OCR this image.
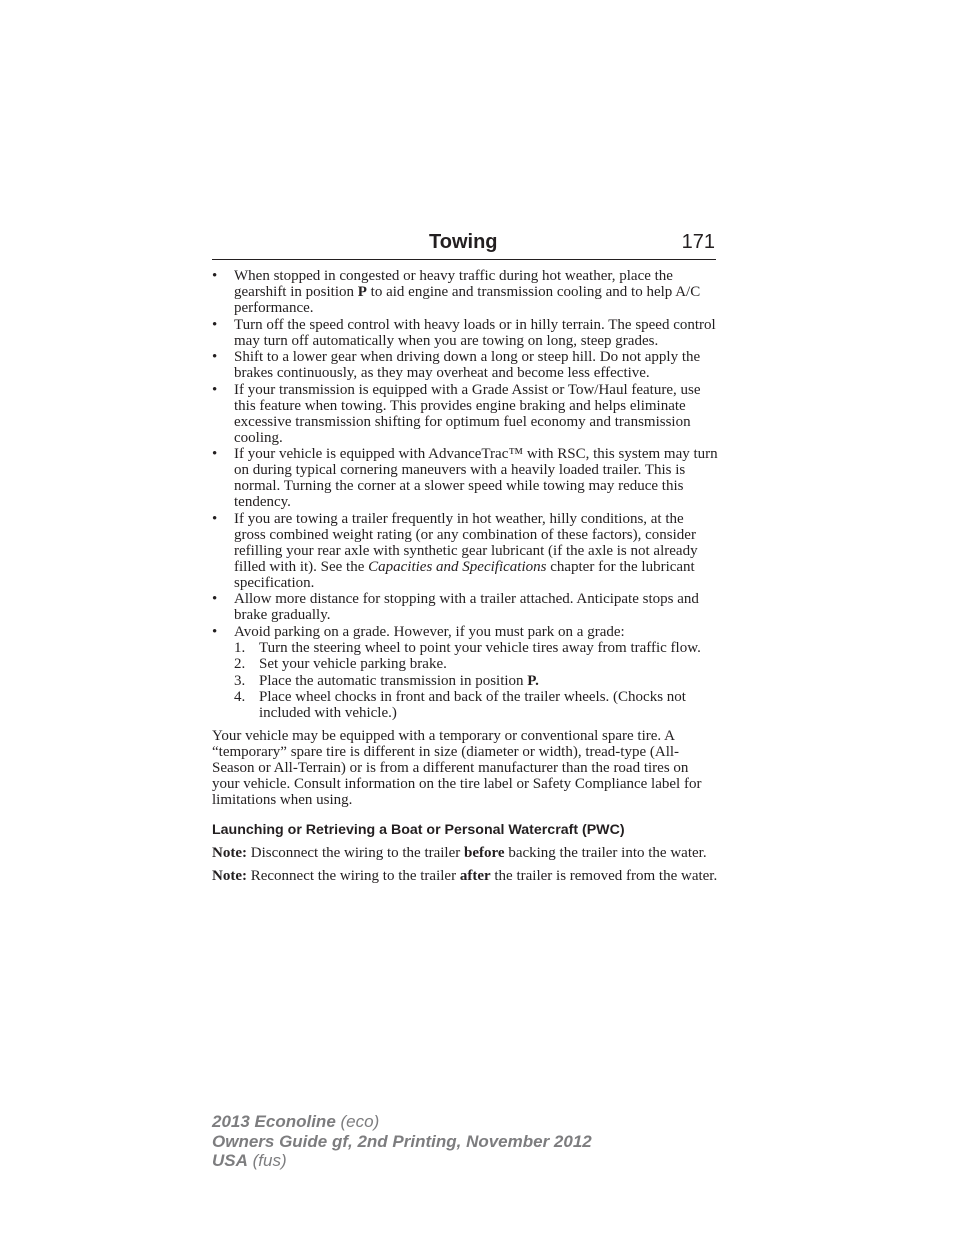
Towing	171
• When stopped in congested or heavy traffic during hot weather, place the gearshift in position P to aid engine and transmission cooling and to help A/C performance.
• Turn off the speed control with heavy loads or in hilly terrain. The speed control may turn off automatically when you are towing on long, steep grades.
• Shift to a lower gear when driving down a long or steep hill. Do not apply the brakes continuously, as they may overheat and become less effective.
• If your transmission is equipped with a Grade Assist or Tow/Haul feature, use this feature when towing. This provides engine braking and helps eliminate excessive transmission shifting for optimum fuel economy and transmission cooling.
• If your vehicle is equipped with AdvanceTrac™ with RSC, this system may turn on during typical cornering maneuvers with a heavily loaded trailer. This is normal. Turning the corner at a slower speed while towing may reduce this tendency.
• If you are towing a trailer frequently in hot weather, hilly conditions, at the gross combined weight rating (or any combination of these factors), consider refilling your rear axle with synthetic gear lubricant (if the axle is not already filled with it). See the Capacities and Specifications chapter for the lubricant specification.
• Allow more distance for stopping with a trailer attached. Anticipate stops and brake gradually.
• Avoid parking on a grade. However, if you must park on a grade:
1. Turn the steering wheel to point your vehicle tires away from traffic flow.
2. Set your vehicle parking brake.
3. Place the automatic transmission in position P.
4. Place wheel chocks in front and back of the trailer wheels. (Chocks not included with vehicle.)

Your vehicle may be equipped with a temporary or conventional spare tire. A “temporary” spare tire is different in size (diameter or width), tread-type (All-Season or All-Terrain) or is from a different manufacturer than the road tires on your vehicle. Consult information on the tire label or Safety Compliance label for limitations when using.

Launching or Retrieving a Boat or Personal Watercraft (PWC)

Note: Disconnect the wiring to the trailer before backing the trailer into the water.

Note: Reconnect the wiring to the trailer after the trailer is removed from the water.

2013 Econoline (eco)
Owners Guide gf, 2nd Printing, November 2012
USA (fus)
